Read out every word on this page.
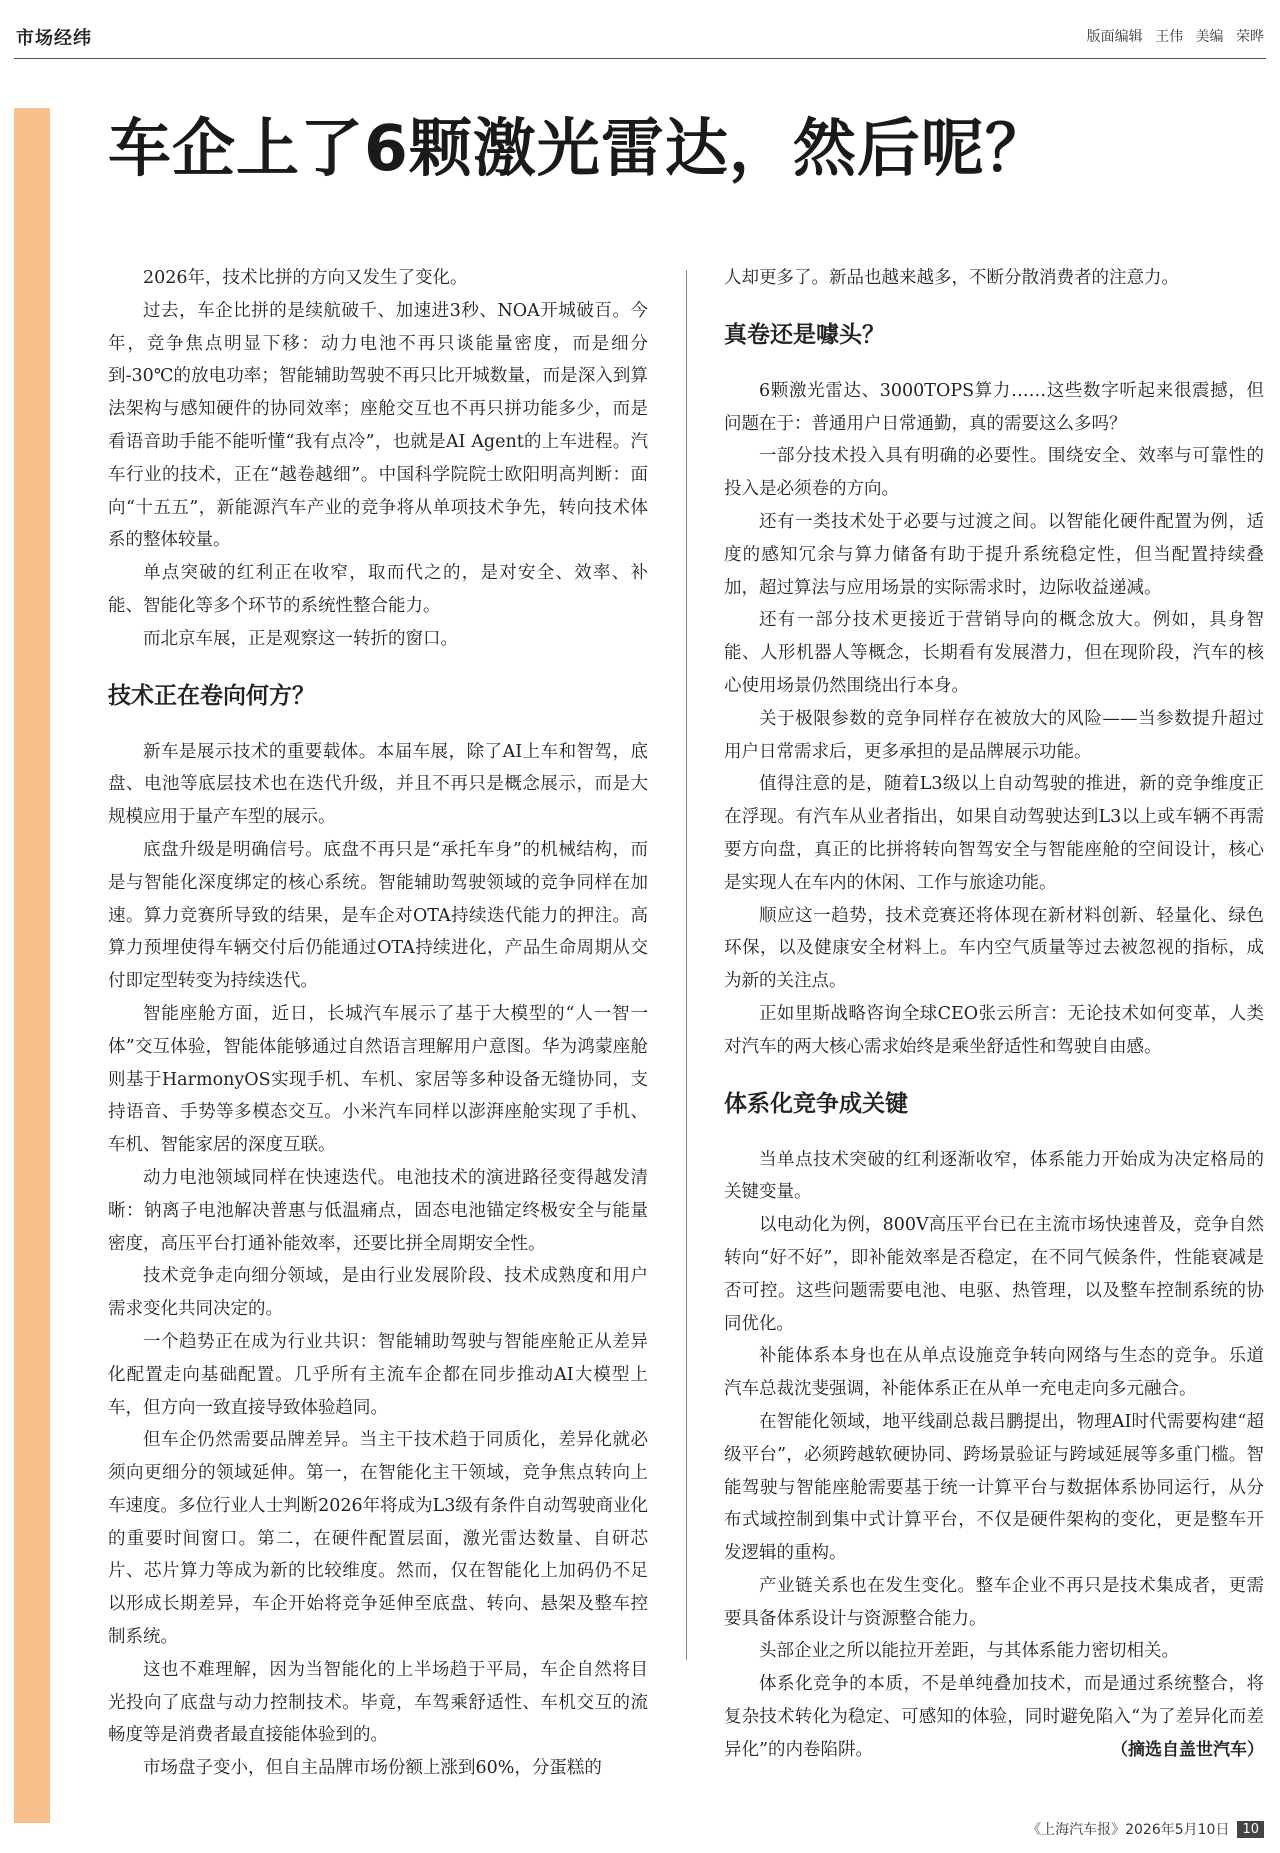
市场经纬	版面编辑 王伟 美编 荣晔
车企上了6颗激光雷达，然后呢？

2026年，技术比拼的方向又发生了变化。

过去，车企比拼的是续航破千、加速进3秒、NOA开城破百。今年，竞争焦点明显下移：动力电池不再只谈能量密度，而是细分到-30℃的放电功率；智能辅助驾驶不再只比开城数量，而是深入到算法架构与感知硬件的协同效率；座舱交互也不再只拼功能多少，而是看语音助手能不能听懂“我有点冷”，也就是AI Agent的上车进程。汽车行业的技术，正在“越卷越细”。中国科学院院士欧阳明高判断：面向“十五五”，新能源汽车产业的竞争将从单项技术争先，转向技术体系的整体较量。

单点突破的红利正在收窄，取而代之的，是对安全、效率、补能、智能化等多个环节的系统性整合能力。

而北京车展，正是观察这一转折的窗口。

技术正在卷向何方？

新车是展示技术的重要载体。本届车展，除了AI上车和智驾，底盘、电池等底层技术也在迭代升级，并且不再只是概念展示，而是大规模应用于量产车型的展示。

底盘升级是明确信号。底盘不再只是“承托车身”的机械结构，而是与智能化深度绑定的核心系统。智能辅助驾驶领域的竞争同样在加速。算力竞赛所导致的结果，是车企对OTA持续迭代能力的押注。高算力预埋使得车辆交付后仍能通过OTA持续进化，产品生命周期从交付即定型转变为持续迭代。

智能座舱方面，近日，长城汽车展示了基于大模型的“人一智一体”交互体验，智能体能够通过自然语言理解用户意图。华为鸿蒙座舱则基于HarmonyOS实现手机、车机、家居等多种设备无缝协同，支持语音、手势等多模态交互。小米汽车同样以澎湃座舱实现了手机、车机、智能家居的深度互联。

动力电池领域同样在快速迭代。电池技术的演进路径变得越发清晰：钠离子电池解决普惠与低温痛点，固态电池锚定终极安全与能量密度，高压平台打通补能效率，还要比拼全周期安全性。

技术竞争走向细分领域，是由行业发展阶段、技术成熟度和用户需求变化共同决定的。

一个趋势正在成为行业共识：智能辅助驾驶与智能座舱正从差异化配置走向基础配置。几乎所有主流车企都在同步推动AI大模型上车，但方向一致直接导致体验趋同。

但车企仍然需要品牌差异。当主干技术趋于同质化，差异化就必须向更细分的领域延伸。第一，在智能化主干领域，竞争焦点转向上车速度。多位行业人士判断2026年将成为L3级有条件自动驾驶商业化的重要时间窗口。第二，在硬件配置层面，激光雷达数量、自研芯片、芯片算力等成为新的比较维度。然而，仅在智能化上加码仍不足以形成长期差异，车企开始将竞争延伸至底盘、转向、悬架及整车控制系统。

这也不难理解，因为当智能化的上半场趋于平局，车企自然将目光投向了底盘与动力控制技术。毕竟，车驾乘舒适性、车机交互的流畅度等是消费者最直接能体验到的。

市场盘子变小，但自主品牌市场份额上涨到60%，分蛋糕的

人却更多了。新品也越来越多，不断分散消费者的注意力。

真卷还是噱头？

6颗激光雷达、3000TOPS算力……这些数字听起来很震撼，但问题在于：普通用户日常通勤，真的需要这么多吗？

一部分技术投入具有明确的必要性。围绕安全、效率与可靠性的投入是必须卷的方向。

还有一类技术处于必要与过渡之间。以智能化硬件配置为例，适度的感知冗余与算力储备有助于提升系统稳定性，但当配置持续叠加，超过算法与应用场景的实际需求时，边际收益递减。

还有一部分技术更接近于营销导向的概念放大。例如，具身智能、人形机器人等概念，长期看有发展潜力，但在现阶段，汽车的核心使用场景仍然围绕出行本身。

关于极限参数的竞争同样存在被放大的风险——当参数提升超过用户日常需求后，更多承担的是品牌展示功能。

值得注意的是，随着L3级以上自动驾驶的推进，新的竞争维度正在浮现。有汽车从业者指出，如果自动驾驶达到L3以上或车辆不再需要方向盘，真正的比拼将转向智驾安全与智能座舱的空间设计，核心是实现人在车内的休闲、工作与旅途功能。

顺应这一趋势，技术竞赛还将体现在新材料创新、轻量化、绿色环保，以及健康安全材料上。车内空气质量等过去被忽视的指标，成为新的关注点。

正如里斯战略咨询全球CEO张云所言：无论技术如何变革，人类对汽车的两大核心需求始终是乘坐舒适性和驾驶自由感。

体系化竞争成关键

当单点技术突破的红利逐渐收窄，体系能力开始成为决定格局的关键变量。

以电动化为例，800V高压平台已在主流市场快速普及，竞争自然转向“好不好”，即补能效率是否稳定，在不同气候条件，性能衰减是否可控。这些问题需要电池、电驱、热管理，以及整车控制系统的协同优化。

补能体系本身也在从单点设施竞争转向网络与生态的竞争。乐道汽车总裁沈斐强调，补能体系正在从单一充电走向多元融合。

在智能化领域，地平线副总裁吕鹏提出，物理AI时代需要构建“超级平台”，必须跨越软硬协同、跨场景验证与跨域延展等多重门槛。智能驾驶与智能座舱需要基于统一计算平台与数据体系协同运行，从分布式域控制到集中式计算平台，不仅是硬件架构的变化，更是整车开发逻辑的重构。

产业链关系也在发生变化。整车企业不再只是技术集成者，更需要具备体系设计与资源整合能力。

头部企业之所以能拉开差距，与其体系能力密切相关。

体系化竞争的本质，不是单纯叠加技术，而是通过系统整合，将复杂技术转化为稳定、可感知的体验，同时避免陷入“为了差异化而差异化”的内卷陷阱。	（摘选自盖世汽车）

《上海汽车报》2026年5月10日	10
